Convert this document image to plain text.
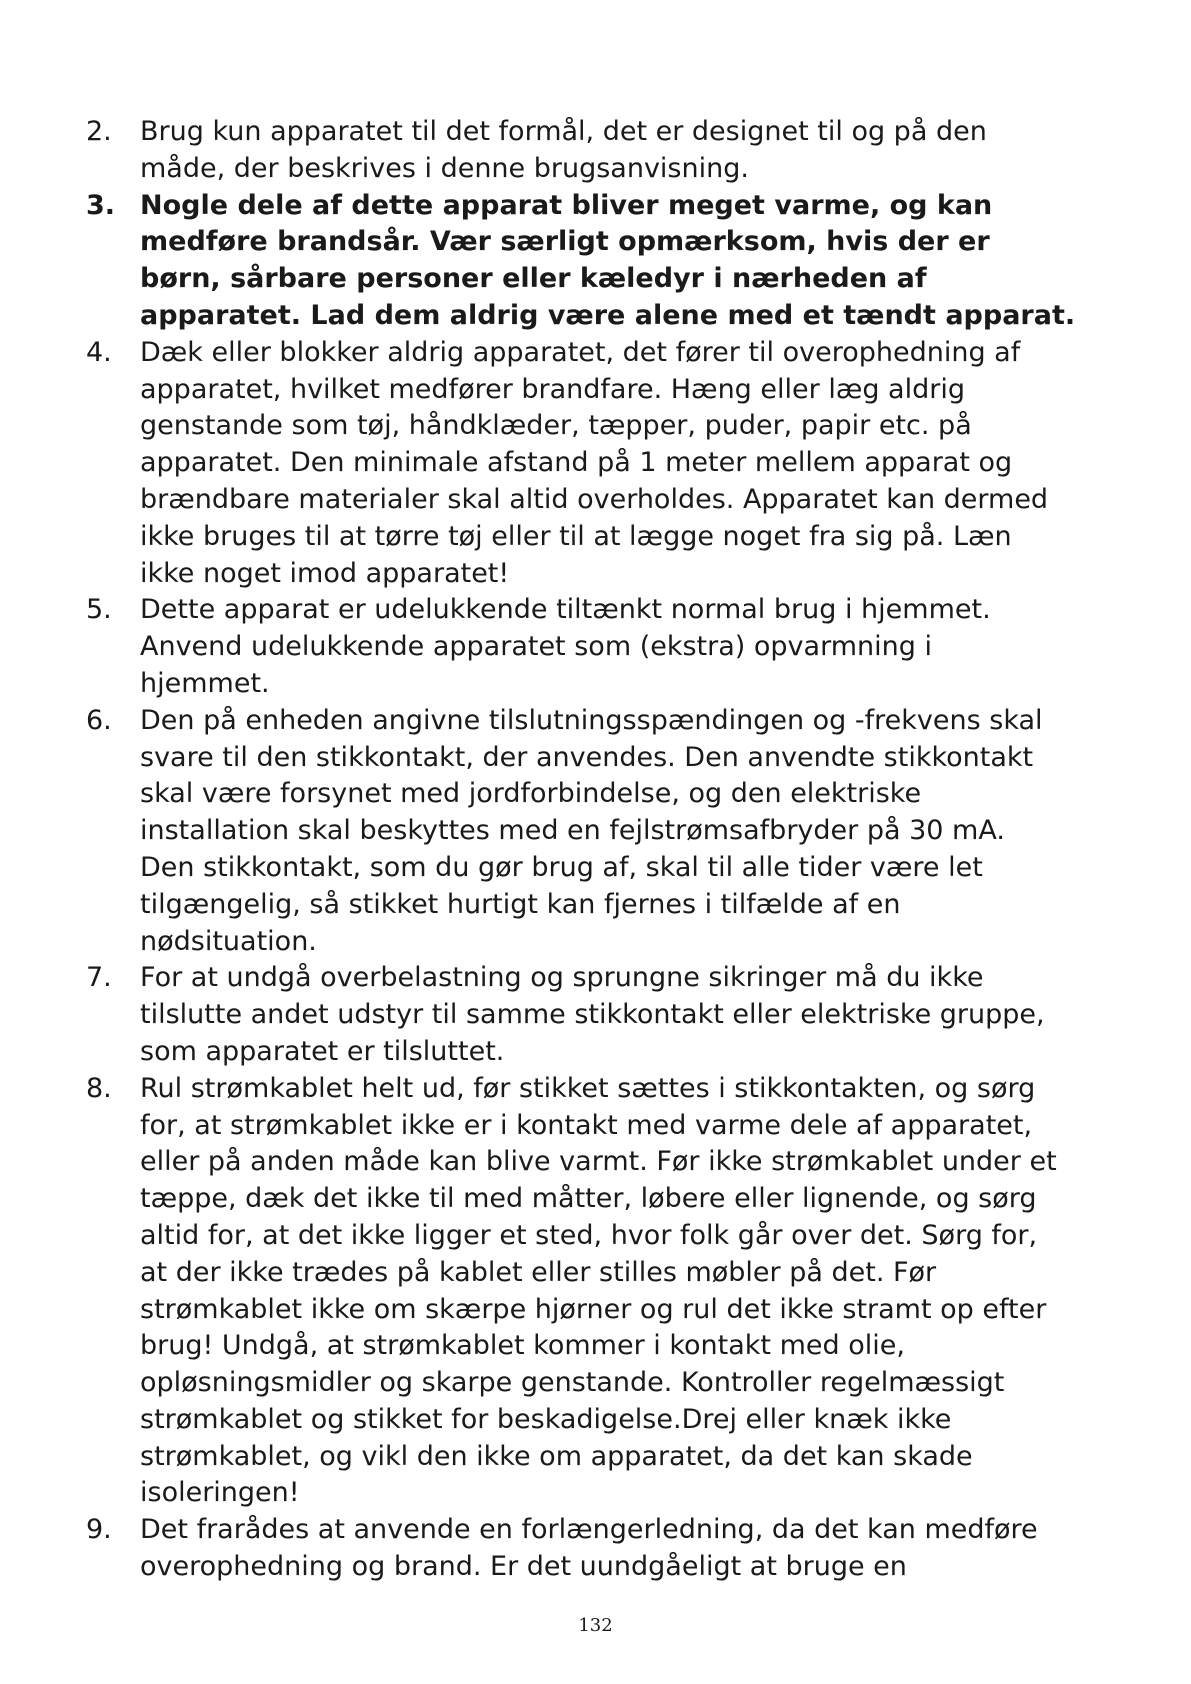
2.	Brug kun apparatet til det formål, det er designet til og på den
måde, der beskrives i denne brugsanvisning.
3. Nogle dele af dette apparat bliver meget varme, og kan
medføre brandsår. Vær særligt opmærksom, hvis der er
børn, sårbare personer eller kæledyr i nærheden af
apparatet. Lad dem aldrig være alene med et tændt apparat.
4.	Dæk eller blokker aldrig apparatet, det fører til overophedning af
apparatet, hvilket medfører brandfare. Hæng eller læg aldrig
genstande som tøj, håndklæder, tæpper, puder, papir etc. på
apparatet. Den minimale afstand på 1 meter mellem apparat og
brændbare materialer skal altid overholdes. Apparatet kan dermed
ikke bruges til at tørre tøj eller til at lægge noget fra sig på. Læn
ikke noget imod apparatet!
5.	Dette apparat er udelukkende tiltænkt normal brug i hjemmet.
Anvend udelukkende apparatet som (ekstra) opvarmning i
hjemmet.
6.	Den på enheden angivne tilslutningsspændingen og -frekvens skal
svare til den stikkontakt, der anvendes. Den anvendte stikkontakt
skal være forsynet med jordforbindelse, og den elektriske
installation skal beskyttes med en fejlstrømsafbryder på 30 mA.
Den stikkontakt, som du gør brug af, skal til alle tider være let
tilgængelig, så stikket hurtigt kan fjernes i tilfælde af en
nødsituation.
7.	For at undgå overbelastning og sprungne sikringer må du ikke
tilslutte andet udstyr til samme stikkontakt eller elektriske gruppe,
som apparatet er tilsluttet.
8.	Rul strømkablet helt ud, før stikket sættes i stikkontakten, og sørg
for, at strømkablet ikke er i kontakt med varme dele af apparatet,
eller på anden måde kan blive varmt. Før ikke strømkablet under et
tæppe, dæk det ikke til med måtter, løbere eller lignende, og sørg
altid for, at det ikke ligger et sted, hvor folk går over det. Sørg for,
at der ikke trædes på kablet eller stilles møbler på det. Før
strømkablet ikke om skærpe hjørner og rul det ikke stramt op efter
brug! Undgå, at strømkablet kommer i kontakt med olie,
opløsningsmidler og skarpe genstande. Kontroller regelmæssigt
strømkablet og stikket for beskadigelse.Drej eller knæk ikke
strømkablet, og vikl den ikke om apparatet, da det kan skade
isoleringen!
9.	Det frarådes at anvende en forlængerledning, da det kan medføre
overophedning og brand. Er det uundgåeligt at bruge en
132
